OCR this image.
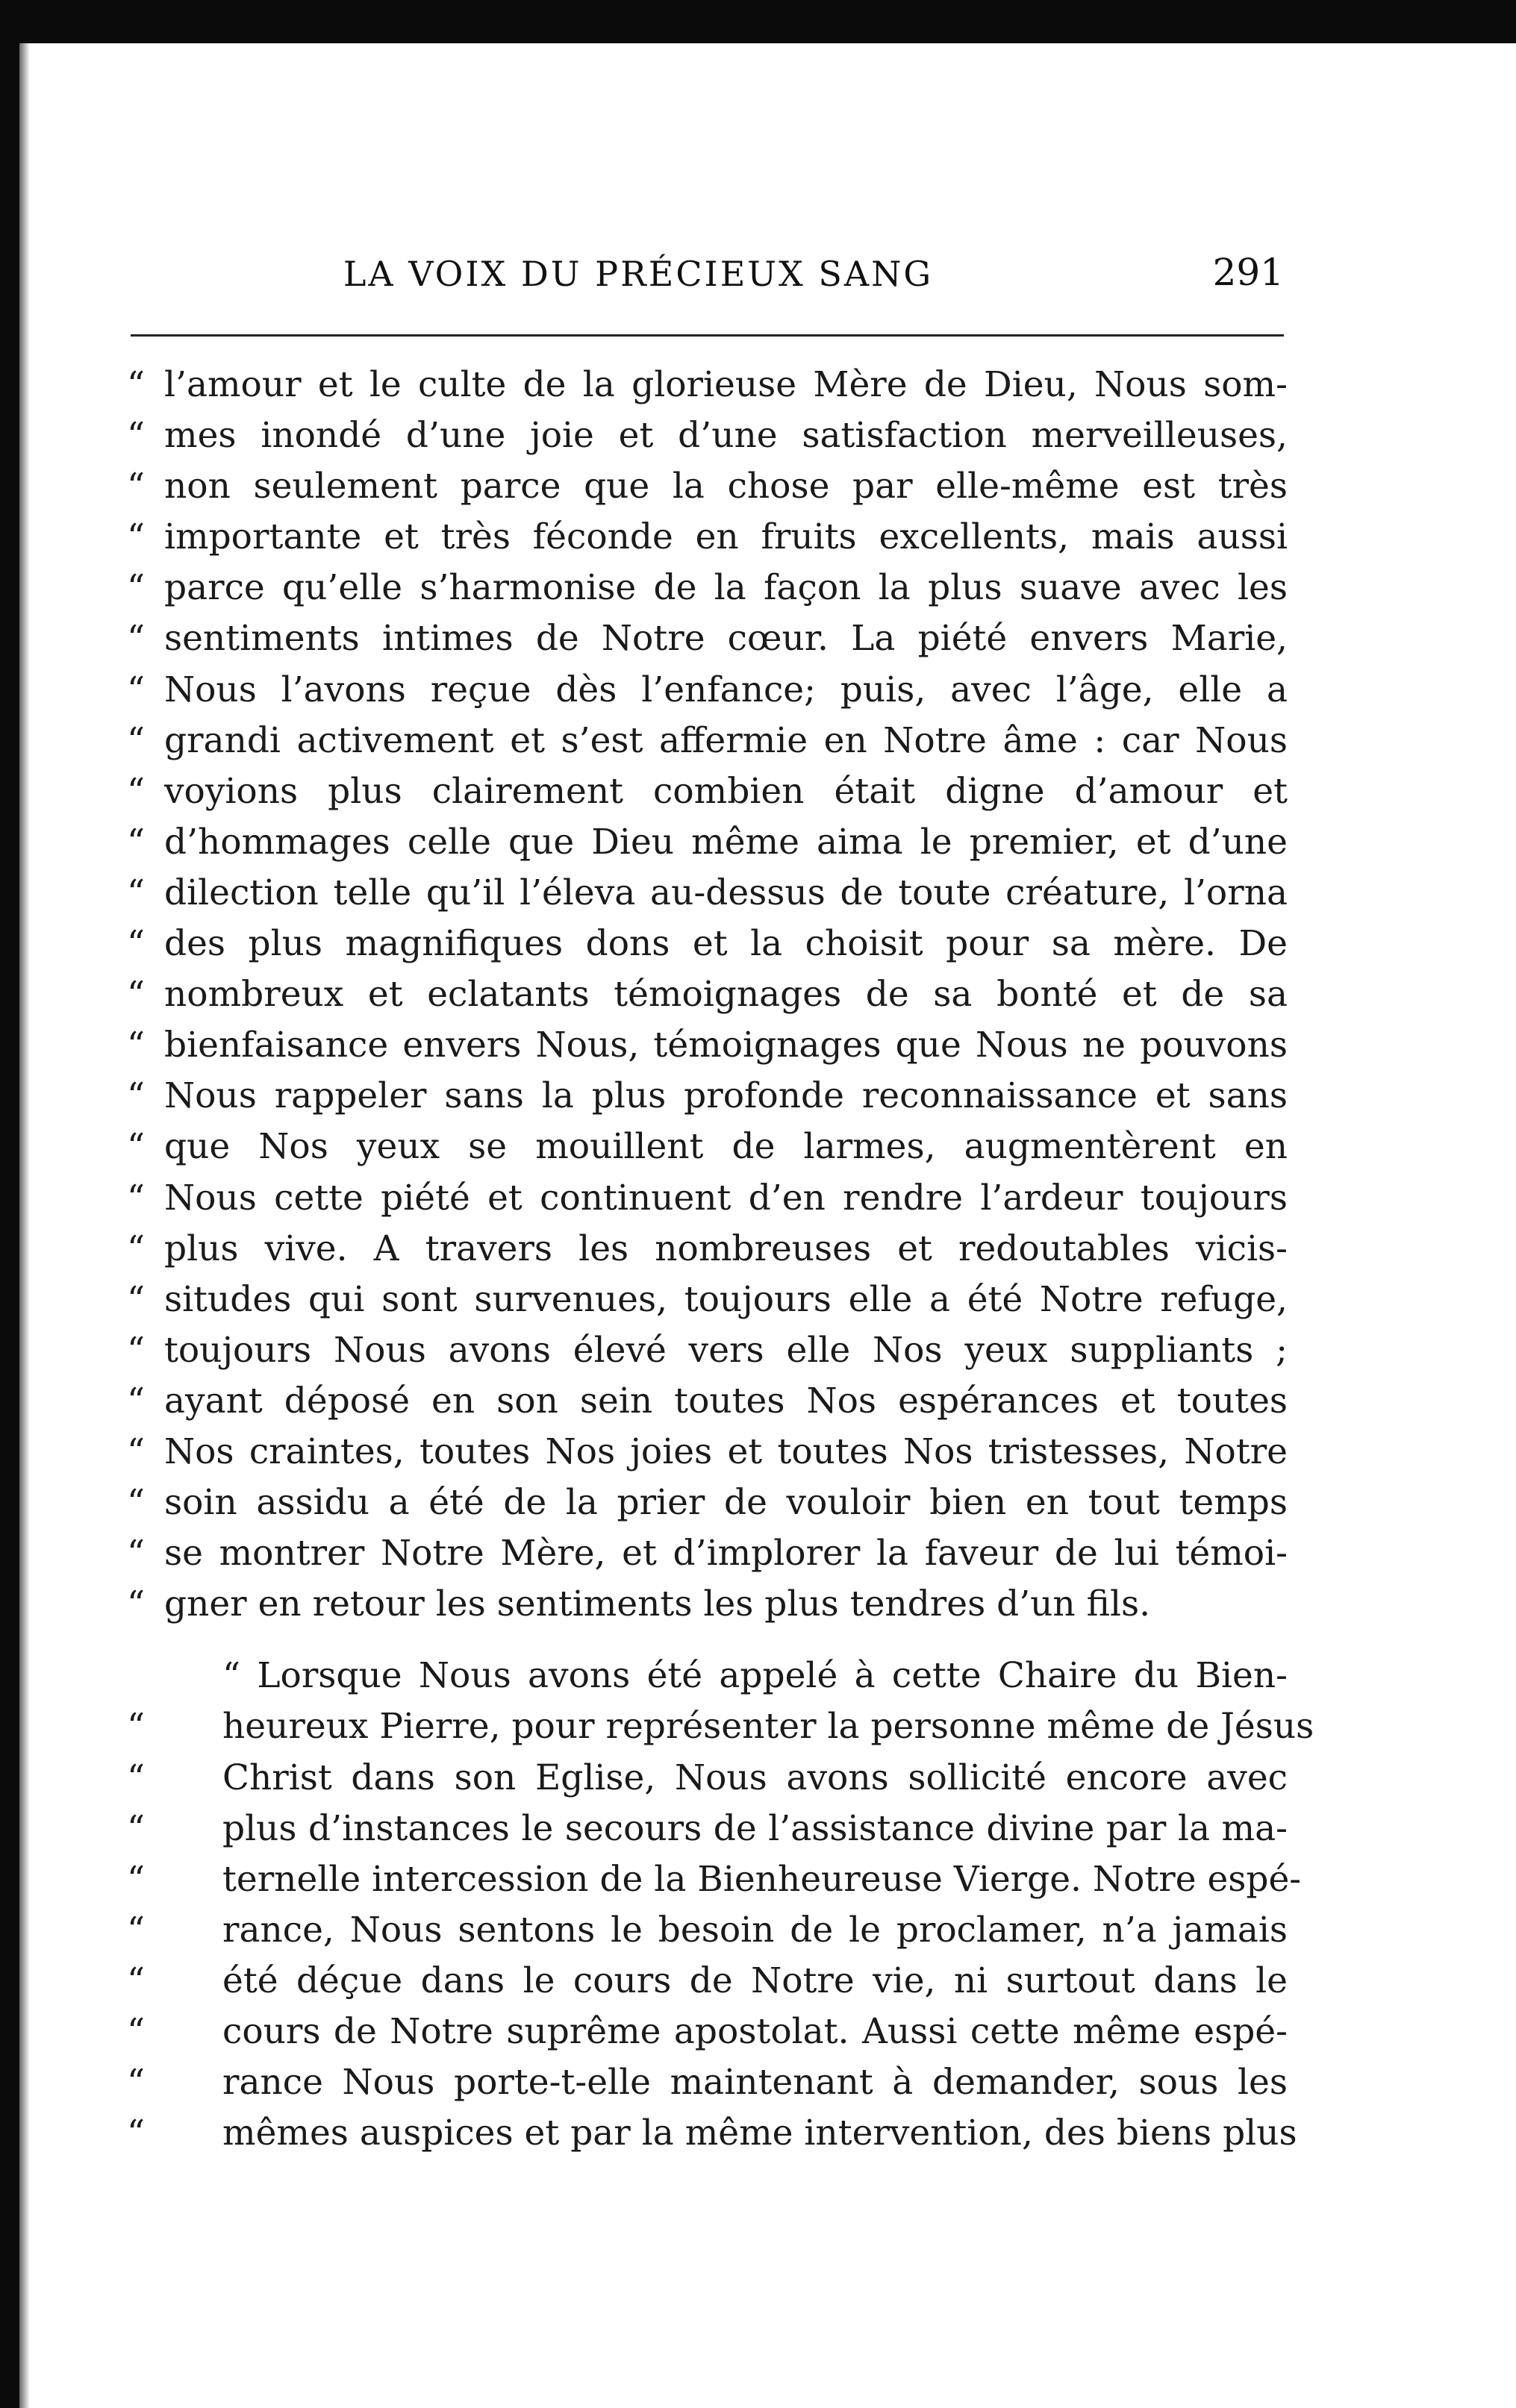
LA VOIX DU PRÉCIEUX SANG	291
“ l’amour et le culte de la glorieuse Mère de Dieu, Nous som-
“ mes inondé d’une joie et d’une satisfaction merveilleuses,
“ non seulement parce que la chose par elle-même est très
“ importante et très féconde en fruits excellents, mais aussi
“ parce qu’elle s’harmonise de la façon la plus suave avec les
“ sentiments intimes de Notre cœur. La piété envers Marie,
“ Nous l’avons reçue dès l’enfance; puis, avec l’âge, elle a
“ grandi activement et s’est affermie en Notre âme : car Nous
“ voyions plus clairement combien était digne d’amour et
“ d’hommages celle que Dieu même aima le premier, et d’une
“ dilection telle qu’il l’éleva au-dessus de toute créature, l’orna
“ des plus magnifiques dons et la choisit pour sa mère. De
“ nombreux et eclatants témoignages de sa bonté et de sa
“ bienfaisance envers Nous, témoignages que Nous ne pouvons
“ Nous rappeler sans la plus profonde reconnaissance et sans
“ que Nos yeux se mouillent de larmes, augmentèrent en
“ Nous cette piété et continuent d’en rendre l’ardeur toujours
“ plus vive. A travers les nombreuses et redoutables vicis-
“ situdes qui sont survenues, toujours elle a été Notre refuge,
“ toujours Nous avons élevé vers elle Nos yeux suppliants ;
“ ayant déposé en son sein toutes Nos espérances et toutes
“ Nos craintes, toutes Nos joies et toutes Nos tristesses, Notre
“ soin assidu a été de la prier de vouloir bien en tout temps
“ se montrer Notre Mère, et d’implorer la faveur de lui témoi-
“ gner en retour les sentiments les plus tendres d’un fils.
“ Lorsque Nous avons été appelé à cette Chaire du Bien-
“ heureux Pierre, pour représenter la personne même de Jésus
“ Christ dans son Eglise, Nous avons sollicité encore avec
“ plus d’instances le secours de l’assistance divine par la ma-
“ ternelle intercession de la Bienheureuse Vierge. Notre espé-
“ rance, Nous sentons le besoin de le proclamer, n’a jamais
“ été déçue dans le cours de Notre vie, ni surtout dans le
“ cours de Notre suprême apostolat. Aussi cette même espé-
“ rance Nous porte-t-elle maintenant à demander, sous les
“ mêmes auspices et par la même intervention, des biens plus
